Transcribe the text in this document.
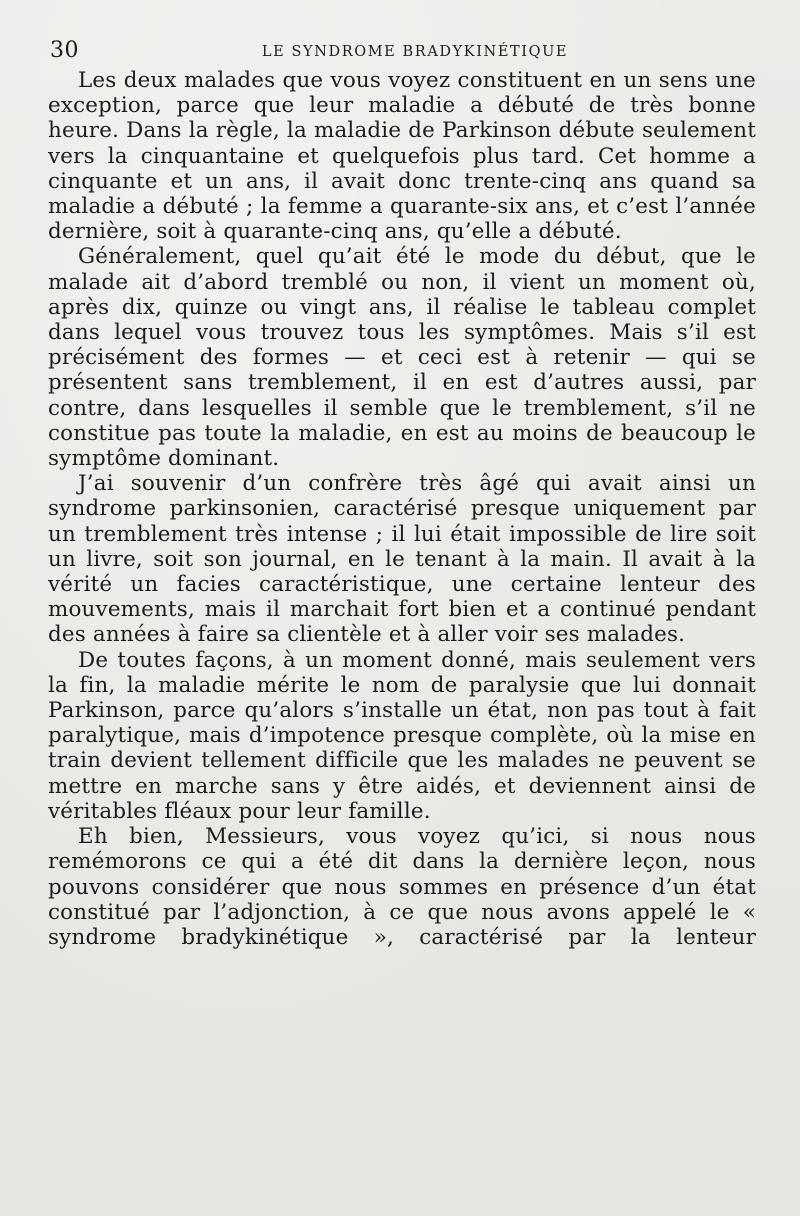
30	LE SYNDROME BRADYKINÉTIQUE

Les deux malades que vous voyez constituent en un sens une exception, parce que leur maladie a débuté de très bonne heure. Dans la règle, la maladie de Parkinson débute seulement vers la cinquantaine et quelquefois plus tard. Cet homme a cinquante et un ans, il avait donc trente-cinq ans quand sa maladie a débuté ; la femme a quarante-six ans, et c’est l’année dernière, soit à quarante-cinq ans, qu’elle a débuté.

Généralement, quel qu’ait été le mode du début, que le malade ait d’abord tremblé ou non, il vient un moment où, après dix, quinze ou vingt ans, il réalise le tableau complet dans lequel vous trouvez tous les symptômes. Mais s’il est précisément des formes — et ceci est à retenir — qui se présentent sans tremblement, il en est d’autres aussi, par contre, dans lesquelles il semble que le tremblement, s’il ne constitue pas toute la maladie, en est au moins de beaucoup le symptôme dominant.

J’ai souvenir d’un confrère très âgé qui avait ainsi un syndrome parkinsonien, caractérisé presque uniquement par un tremblement très intense ; il lui était impossible de lire soit un livre, soit son journal, en le tenant à la main. Il avait à la vérité un facies caractéristique, une certaine lenteur des mouvements, mais il marchait fort bien et a continué pendant des années à faire sa clientèle et à aller voir ses malades.

De toutes façons, à un moment donné, mais seulement vers la fin, la maladie mérite le nom de paralysie que lui donnait Parkinson, parce qu’alors s’installe un état, non pas tout à fait paralytique, mais d’impotence presque complète, où la mise en train devient tellement difficile que les malades ne peuvent se mettre en marche sans y être aidés, et deviennent ainsi de véritables fléaux pour leur famille.

Eh bien, Messieurs, vous voyez qu’ici, si nous nous remémorons ce qui a été dit dans la dernière leçon, nous pouvons considérer que nous sommes en présence d’un état constitué par l’adjonction, à ce que nous avons appelé le « syndrome bradykinétique », caractérisé par la lenteur
